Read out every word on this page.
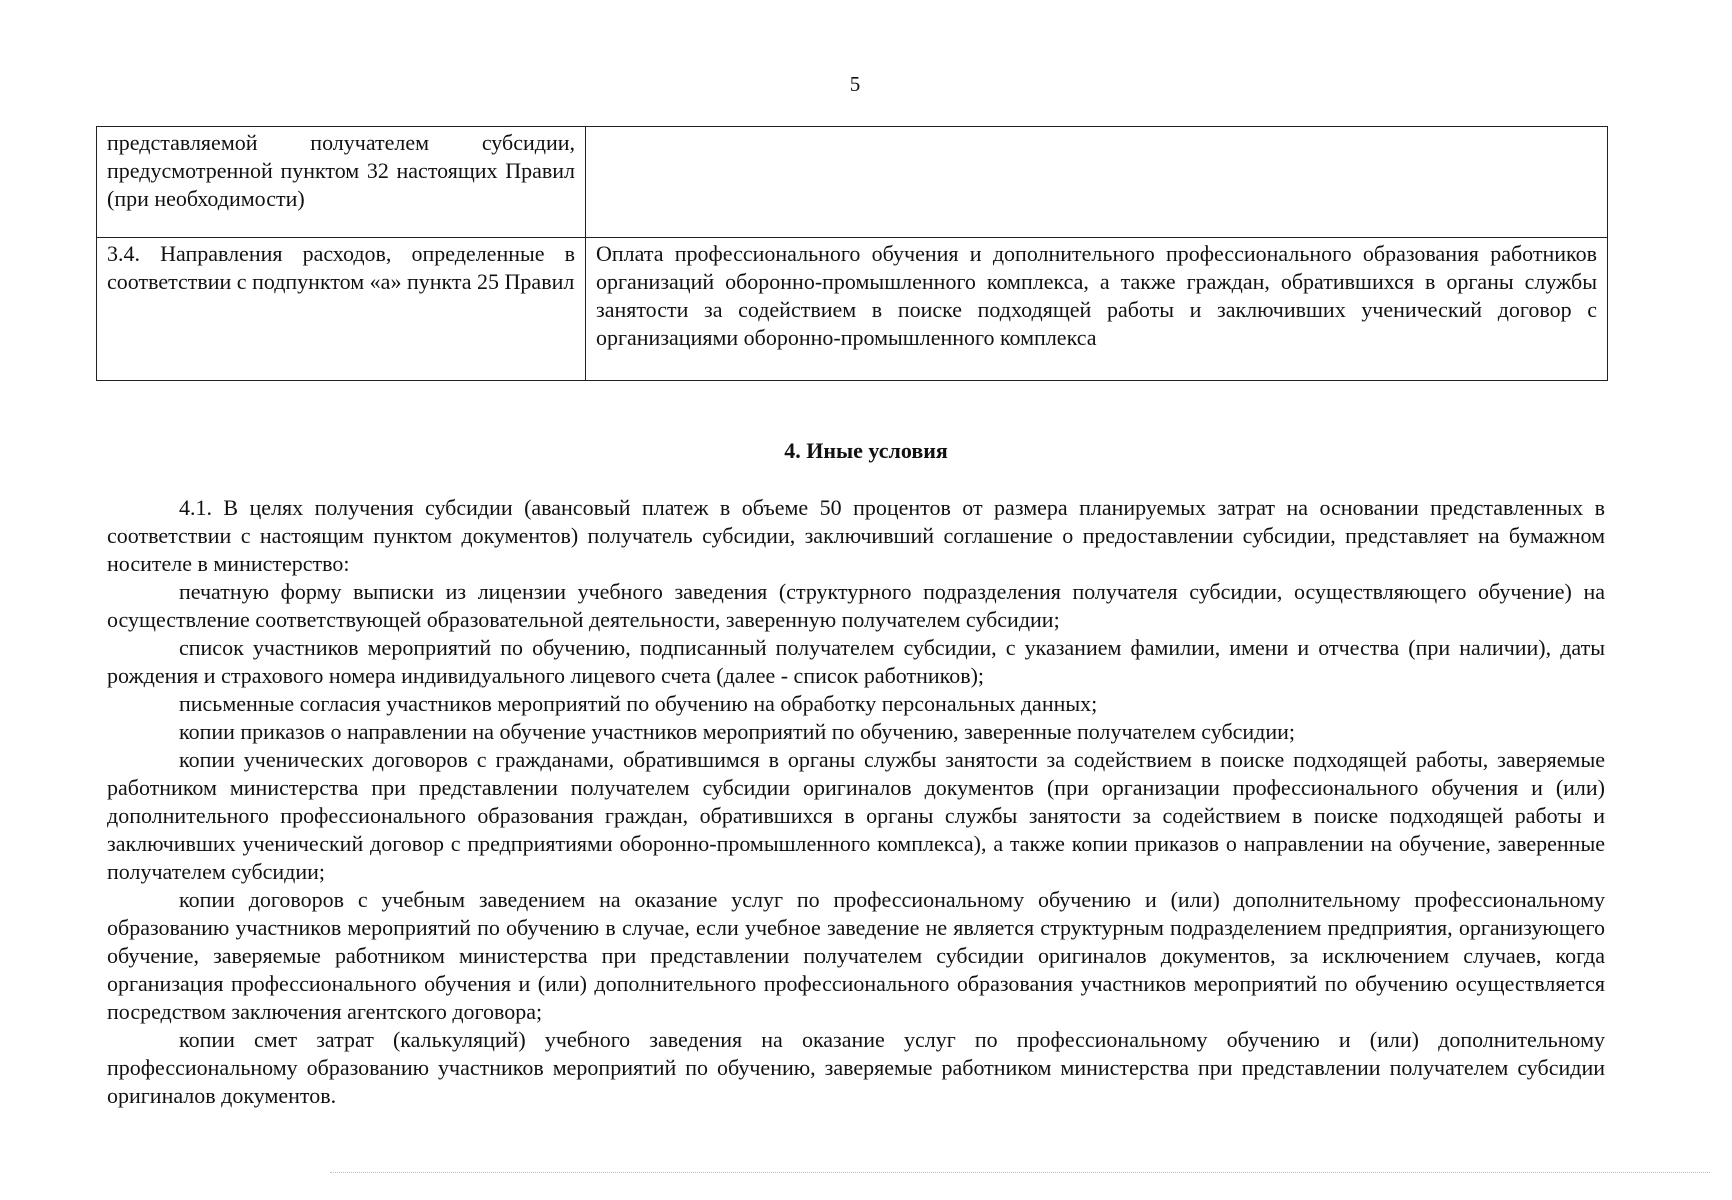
5
представляемой получателем субсидии, предусмотренной пунктом 32 настоящих Правил (при необходимости)	
3.4. Направления расходов, определенные в соответствии с подпунктом «а» пункта 25 Правил	Оплата профессионального обучения и дополнительного профессионального образования работников организаций оборонно-промышленного комплекса, а также граждан, обратившихся в органы службы занятости за содействием в поиске подходящей работы и заключивших ученический договор с организациями оборонно-промышленного комплекса
4. Иные условия

4.1. В целях получения субсидии (авансовый платеж в объеме 50 процентов от размера планируемых затрат на основании представленных в соответствии с настоящим пунктом документов) получатель субсидии, заключивший соглашение о предоставлении субсидии, представляет на бумажном носителе в министерство:

печатную форму выписки из лицензии учебного заведения (структурного подразделения получателя субсидии, осуществляющего обучение) на осуществление соответствующей образовательной деятельности, заверенную получателем субсидии;

список участников мероприятий по обучению, подписанный получателем субсидии, с указанием фамилии, имени и отчества (при наличии), даты рождения и страхового номера индивидуального лицевого счета (далее - список работников);

письменные согласия участников мероприятий по обучению на обработку персональных данных;

копии приказов о направлении на обучение участников мероприятий по обучению, заверенные получателем субсидии;

копии ученических договоров с гражданами, обратившимся в органы службы занятости за содействием в поиске подходящей работы, заверяемые работником министерства при представлении получателем субсидии оригиналов документов (при организации профессионального обучения и (или) дополнительного профессионального образования граждан, обратившихся в органы службы занятости за содействием в поиске подходящей работы и заключивших ученический договор с предприятиями оборонно-промышленного комплекса), а также копии приказов о направлении на обучение, заверенные получателем субсидии;

копии договоров с учебным заведением на оказание услуг по профессиональному обучению и (или) дополнительному профессиональному образованию участников мероприятий по обучению в случае, если учебное заведение не является структурным подразделением предприятия, организующего обучение, заверяемые работником министерства при представлении получателем субсидии оригиналов документов, за исключением случаев, когда организация профессионального обучения и (или) дополнительного профессионального образования участников мероприятий по обучению осуществляется посредством заключения агентского договора;

копии смет затрат (калькуляций) учебного заведения на оказание услуг по профессиональному обучению и (или) дополнительному профессиональному образованию участников мероприятий по обучению, заверяемые работником министерства при представлении получателем субсидии оригиналов документов.
